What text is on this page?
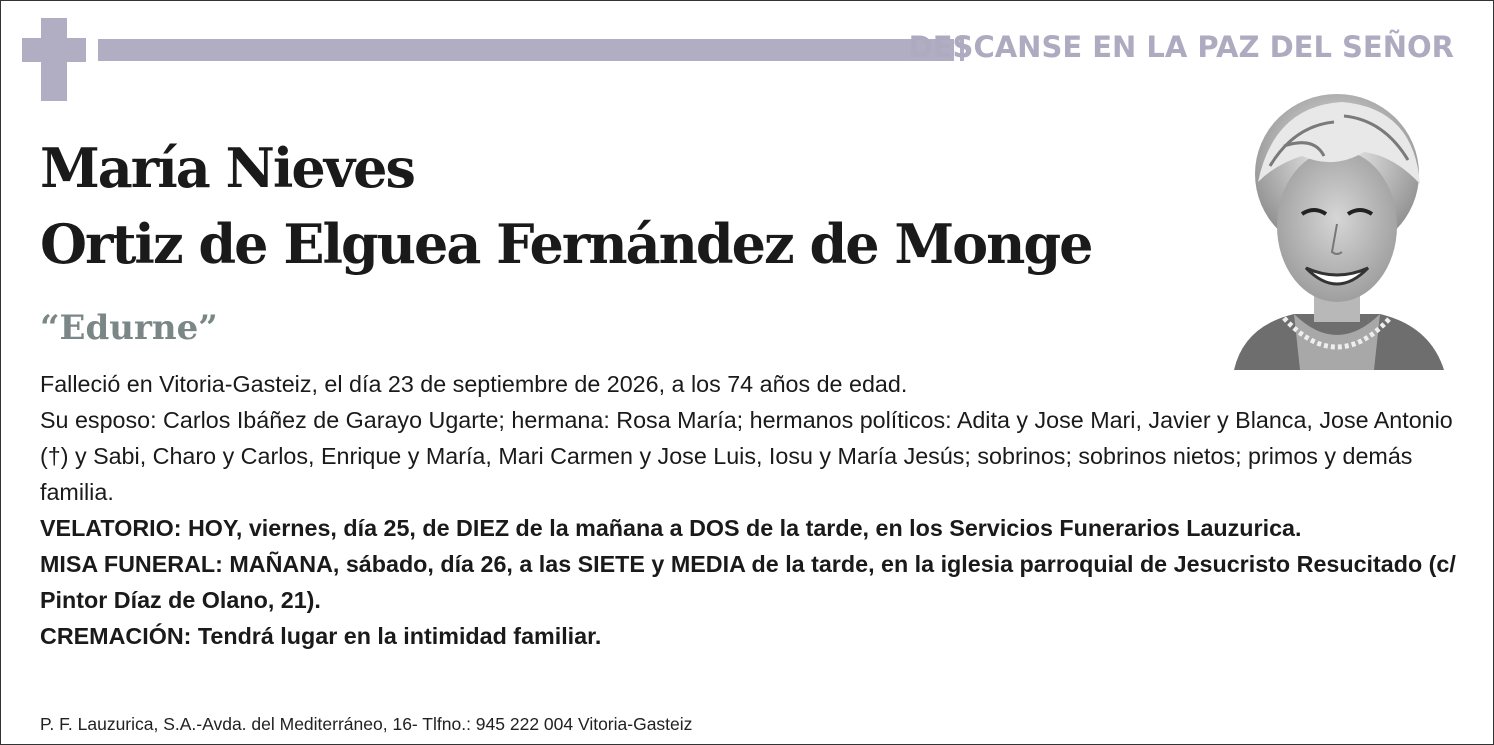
DESCANSE EN LA PAZ DEL SEÑOR
María Nieves
Ortiz de Elguea Fernández de Monge
“Edurne”

Falleció en Vitoria-Gasteiz, el día 23 de septiembre de 2026, a los 74 años de edad.

Su esposo: Carlos Ibáñez de Garayo Ugarte; hermana: Rosa María; hermanos políticos: Adita y Jose Mari, Javier y Blanca, Jose Antonio (†) y Sabi, Charo y Carlos, Enrique y María, Mari Carmen y Jose Luis, Iosu y María Jesús; sobrinos; sobrinos nietos; primos y demás familia.

VELATORIO: HOY, viernes, día 25, de DIEZ de la mañana a DOS de la tarde, en los Servicios Funerarios Lauzurica.

MISA FUNERAL: MAÑANA, sábado, día 26, a las SIETE y MEDIA de la tarde, en la iglesia parroquial de Jesucristo Resucitado (c/ Pintor Díaz de Olano, 21).

CREMACIÓN: Tendrá lugar en la intimidad familiar.

P. F. Lauzurica, S.A.-Avda. del Mediterráneo, 16- Tlfno.: 945 222 004 Vitoria-Gasteiz
